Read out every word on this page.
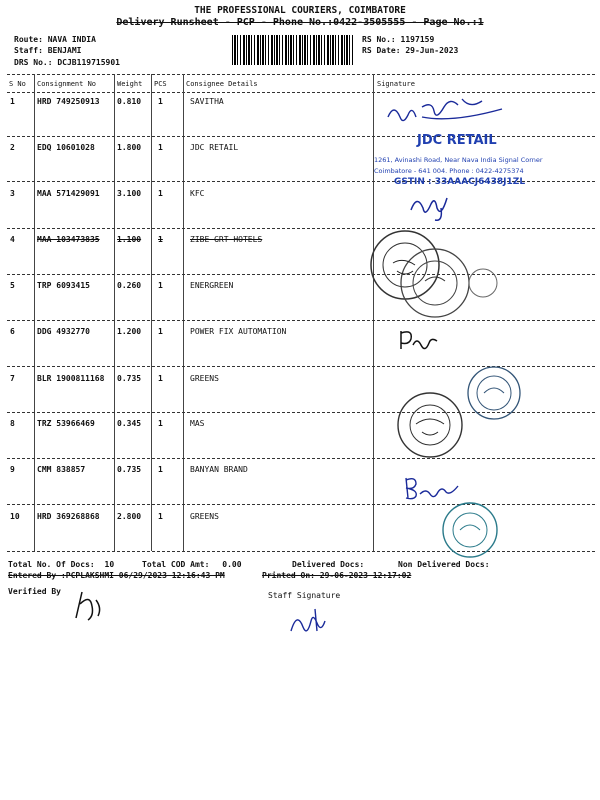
THE PROFESSIONAL COURIERS, COIMBATORE
Delivery Runsheet - PCP - Phone No.:0422-3505555 - Page No.:1
Route: NAVA INDIA
Staff: BENJAMI
DRS No.: DCJB119715901
RS No.: 1197159
RS Date: 29-Jun-2023
S No Consignment No	Weight PCS	Consignee Details	Signature
1	HRD 749250913 0.810 1	SAVITHA
2	EDQ 10601028	1.800 1	JDC RETAIL
3	MAA 571429091 3.100 1	KFC
4	MAA 103473835 1.100 1	ZIBE GRT HOTELS
5	TRP 6093415	0.260 1	ENERGREEN
6	DDG 4932770	1.200 1	POWER FIX AUTOMATION
7	BLR 1900811168 0.735 1	GREENS
8	TRZ 53966469	0.345 1	MAS
9	CMM 838857	0.735 1	BANYAN BRAND
10 HRD 369268868 2.800 1	GREENS
JDC RETAIL
1261, Avinashi Road, Near Nava India Signal Corner
Coimbatore - 641 004. Phone : 0422-4275374
GSTIN : 33AAACJ6438J1ZL
Total No. Of Docs: 10	Total COD Amt: 0.00	Delivered Docs:	Non Delivered Docs:
Entered By :PCPLAKSHMI 06/29/2023 12:16:43 PM	Printed On: 29-06-2023 12:17:02
Verified By	Staff Signature
